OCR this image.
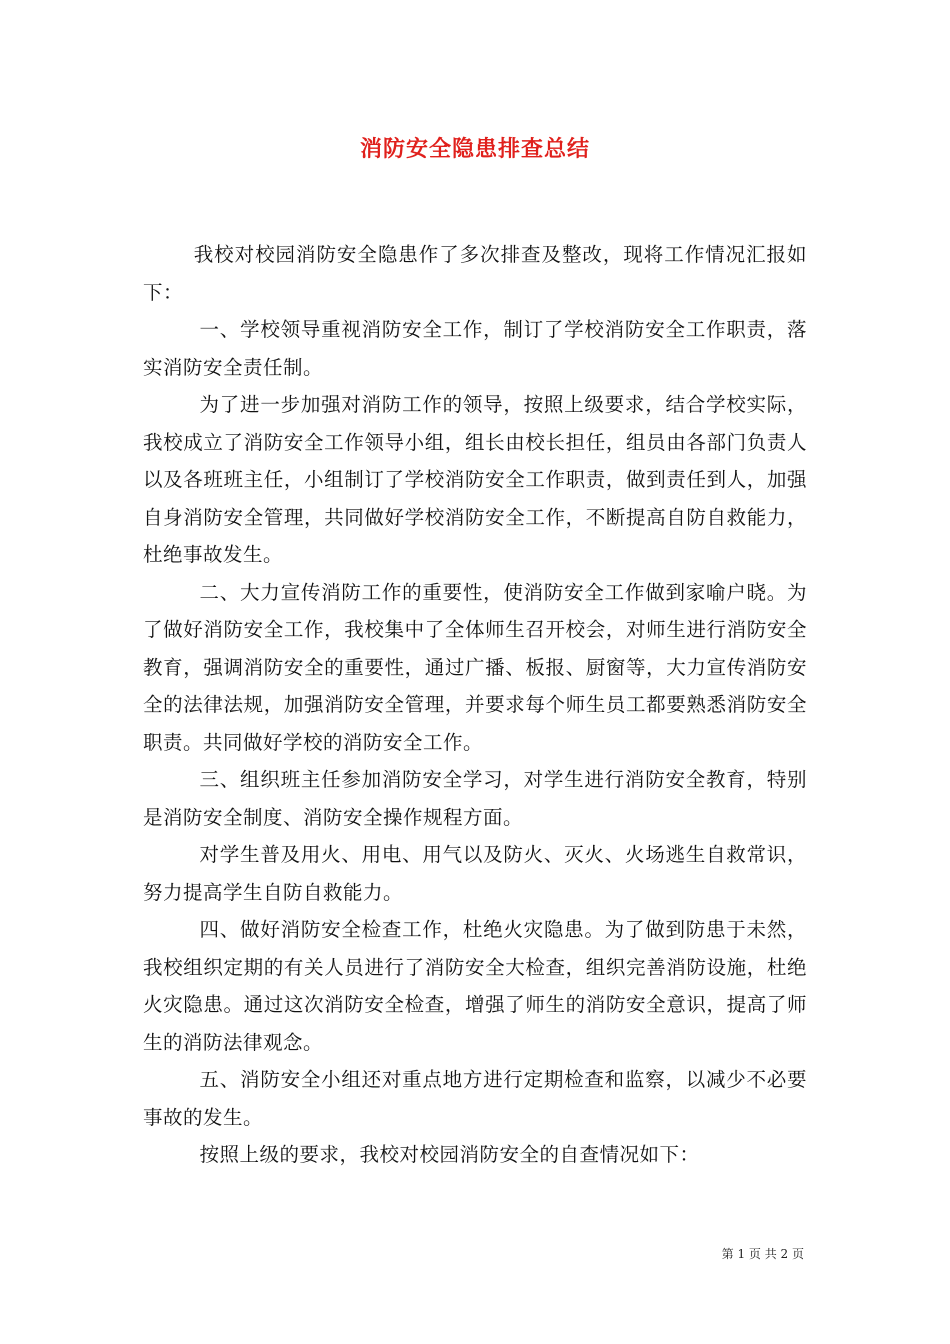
消防安全隐患排查总结

我校对校园消防安全隐患作了多次排查及整改，现将工作情况汇报如下：

一、学校领导重视消防安全工作，制订了学校消防安全工作职责，落实消防安全责任制。

为了进一步加强对消防工作的领导，按照上级要求，结合学校实际，我校成立了消防安全工作领导小组，组长由校长担任，组员由各部门负责人以及各班班主任，小组制订了学校消防安全工作职责，做到责任到人，加强自身消防安全管理，共同做好学校消防安全工作，不断提高自防自救能力，杜绝事故发生。

二、大力宣传消防工作的重要性，使消防安全工作做到家喻户晓。为了做好消防安全工作，我校集中了全体师生召开校会，对师生进行消防安全教育，强调消防安全的重要性，通过广播、板报、厨窗等，大力宣传消防安全的法律法规，加强消防安全管理，并要求每个师生员工都要熟悉消防安全职责。共同做好学校的消防安全工作。

三、组织班主任参加消防安全学习，对学生进行消防安全教育，特别是消防安全制度、消防安全操作规程方面。

对学生普及用火、用电、用气以及防火、灭火、火场逃生自救常识，努力提高学生自防自救能力。

四、做好消防安全检查工作，杜绝火灾隐患。为了做到防患于未然，我校组织定期的有关人员进行了消防安全大检查，组织完善消防设施，杜绝火灾隐患。通过这次消防安全检查，增强了师生的消防安全意识，提高了师生的消防法律观念。

五、消防安全小组还对重点地方进行定期检查和监察，以减少不必要事故的发生。

按照上级的要求，我校对校园消防安全的自查情况如下：

第 1 页 共 2 页
